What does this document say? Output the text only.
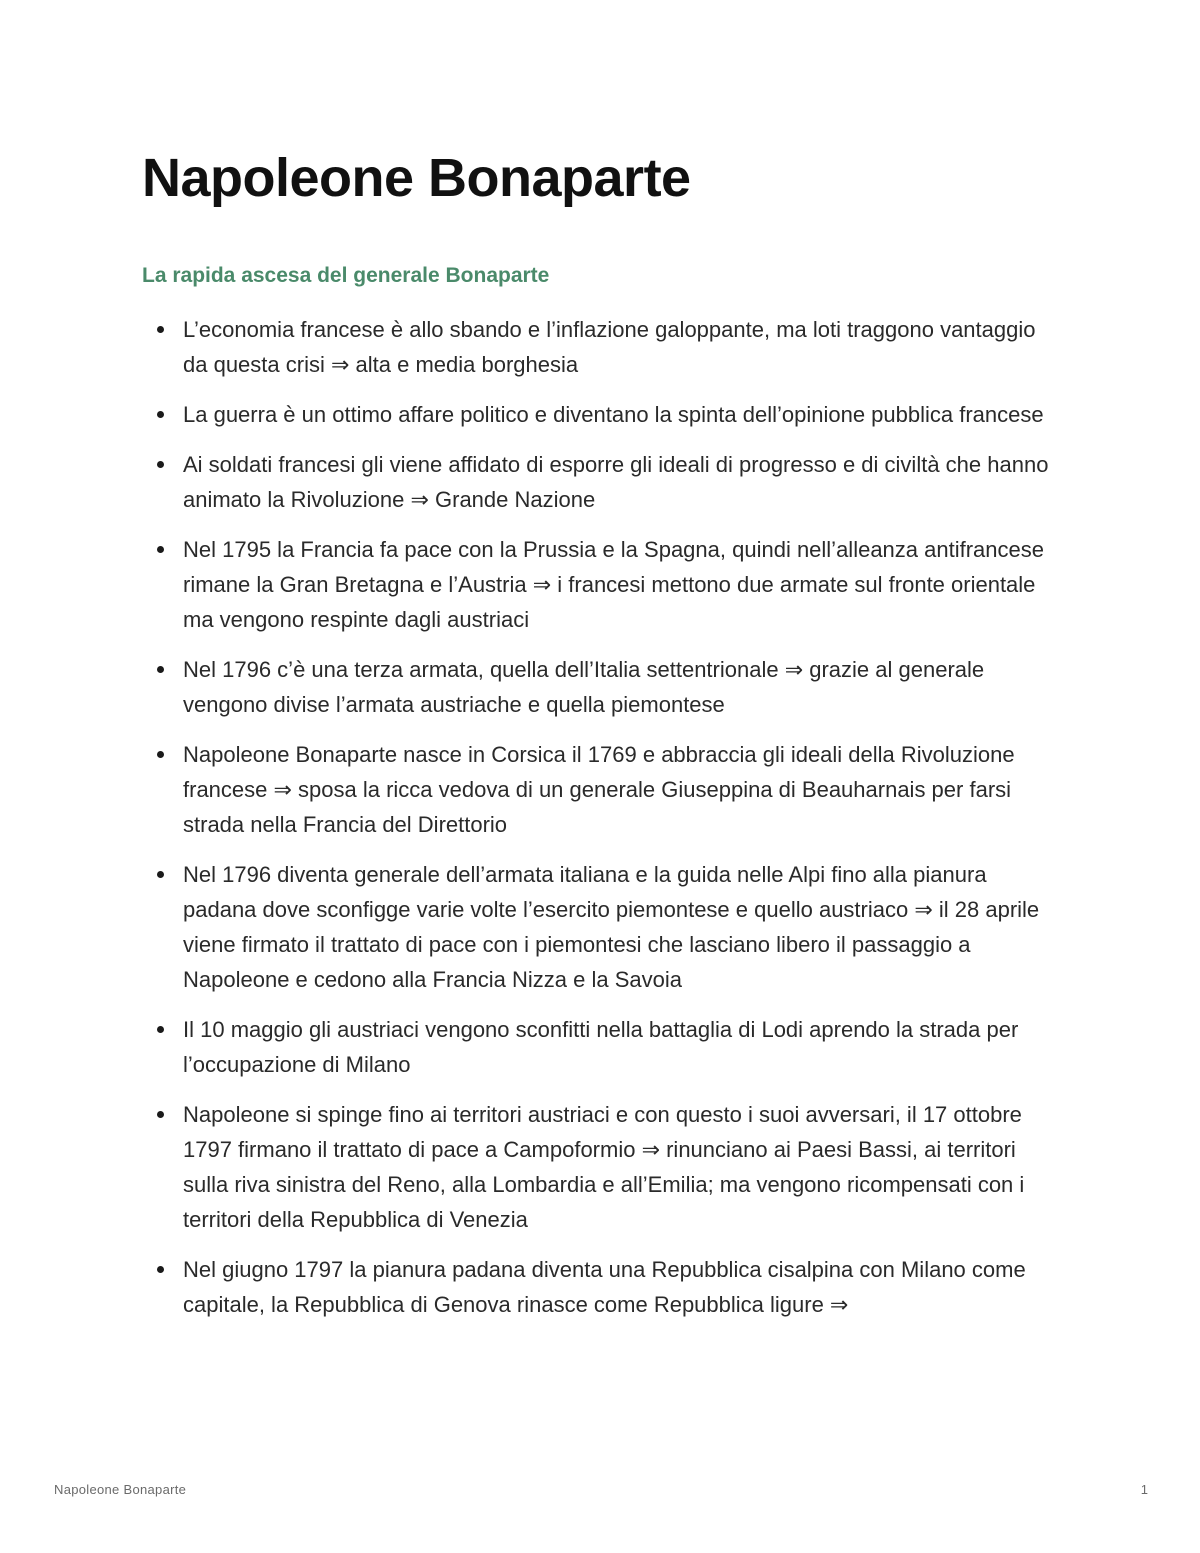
Napoleone Bonaparte
La rapida ascesa del generale Bonaparte
L’economia francese è allo sbando e l’inflazione galoppante, ma loti traggono vantaggio da questa crisi ⇒ alta e media borghesia
La guerra è un ottimo affare politico e diventano la spinta dell’opinione pubblica francese
Ai soldati francesi gli viene affidato di esporre gli ideali di progresso e di civiltà che hanno animato la Rivoluzione ⇒ Grande Nazione
Nel 1795 la Francia fa pace con la Prussia e la Spagna, quindi nell’alleanza antifrancese rimane la Gran Bretagna e l’Austria ⇒ i francesi mettono due armate sul fronte orientale ma vengono respinte dagli austriaci
Nel 1796 c’è una terza armata, quella dell’Italia settentrionale ⇒ grazie al generale vengono divise l’armata austriache e quella piemontese
Napoleone Bonaparte nasce in Corsica il 1769 e abbraccia gli ideali della Rivoluzione francese ⇒ sposa la ricca vedova di un generale Giuseppina di Beauharnais per farsi strada nella Francia del Direttorio
Nel 1796 diventa generale dell’armata italiana e la guida nelle Alpi fino alla pianura padana dove sconfigge varie volte l’esercito piemontese e quello austriaco ⇒ il 28 aprile viene firmato il trattato di pace con i piemontesi che lasciano libero il passaggio a Napoleone e cedono alla Francia Nizza e la Savoia
Il 10 maggio gli austriaci vengono sconfitti nella battaglia di Lodi aprendo la strada per l’occupazione di Milano
Napoleone si spinge fino ai territori austriaci e con questo i suoi avversari, il 17 ottobre 1797 firmano il trattato di pace a Campoformio ⇒ rinunciano ai Paesi Bassi, ai territori sulla riva sinistra del Reno, alla Lombardia e all’Emilia; ma vengono ricompensati con i territori della Repubblica di Venezia
Nel giugno 1797 la pianura padana diventa una Repubblica cisalpina con Milano come capitale, la Repubblica di Genova rinasce come Repubblica ligure ⇒
Napoleone Bonaparte	1
